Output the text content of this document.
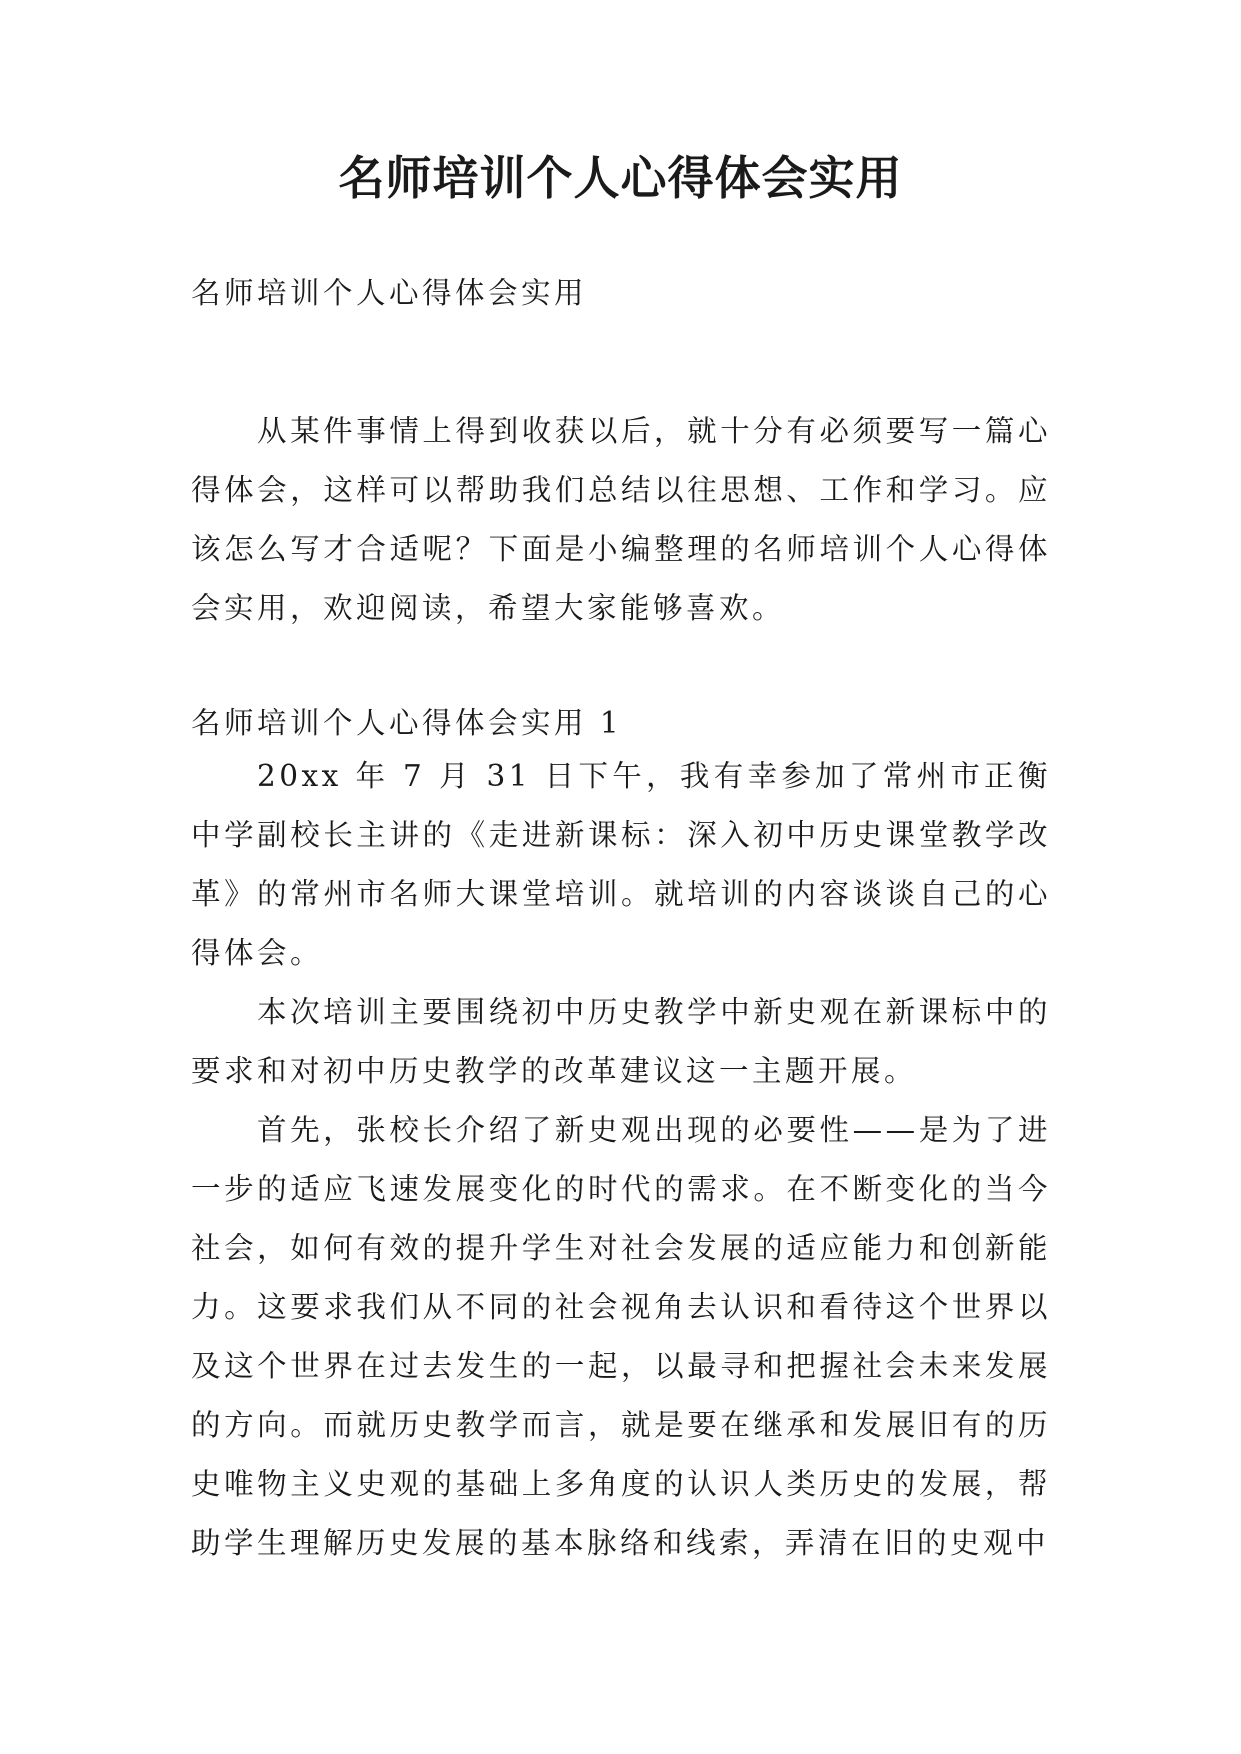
名师培训个人心得体会实用

名师培训个人心得体会实用

从某件事情上得到收获以后，就十分有必须要写一篇心得体会，这样可以帮助我们总结以往思想、工作和学习。应该怎么写才合适呢？下面是小编整理的名师培训个人心得体会实用，欢迎阅读，希望大家能够喜欢。

名师培训个人心得体会实用 1

20xx 年 7 月 31 日下午，我有幸参加了常州市正衡中学副校长主讲的《走进新课标：深入初中历史课堂教学改革》的常州市名师大课堂培训。就培训的内容谈谈自己的心得体会。

本次培训主要围绕初中历史教学中新史观在新课标中的要求和对初中历史教学的改革建议这一主题开展。

首先，张校长介绍了新史观出现的必要性——是为了进一步的适应飞速发展变化的时代的需求。在不断变化的当今社会，如何有效的提升学生对社会发展的适应能力和创新能力。这要求我们从不同的社会视角去认识和看待这个世界以及这个世界在过去发生的一起，以最寻和把握社会未来发展的方向。而就历史教学而言，就是要在继承和发展旧有的历史唯物主义史观的基础上多角度的认识人类历史的发展，帮助学生理解历史发展的基本脉络和线索，弄清在旧的史观中
